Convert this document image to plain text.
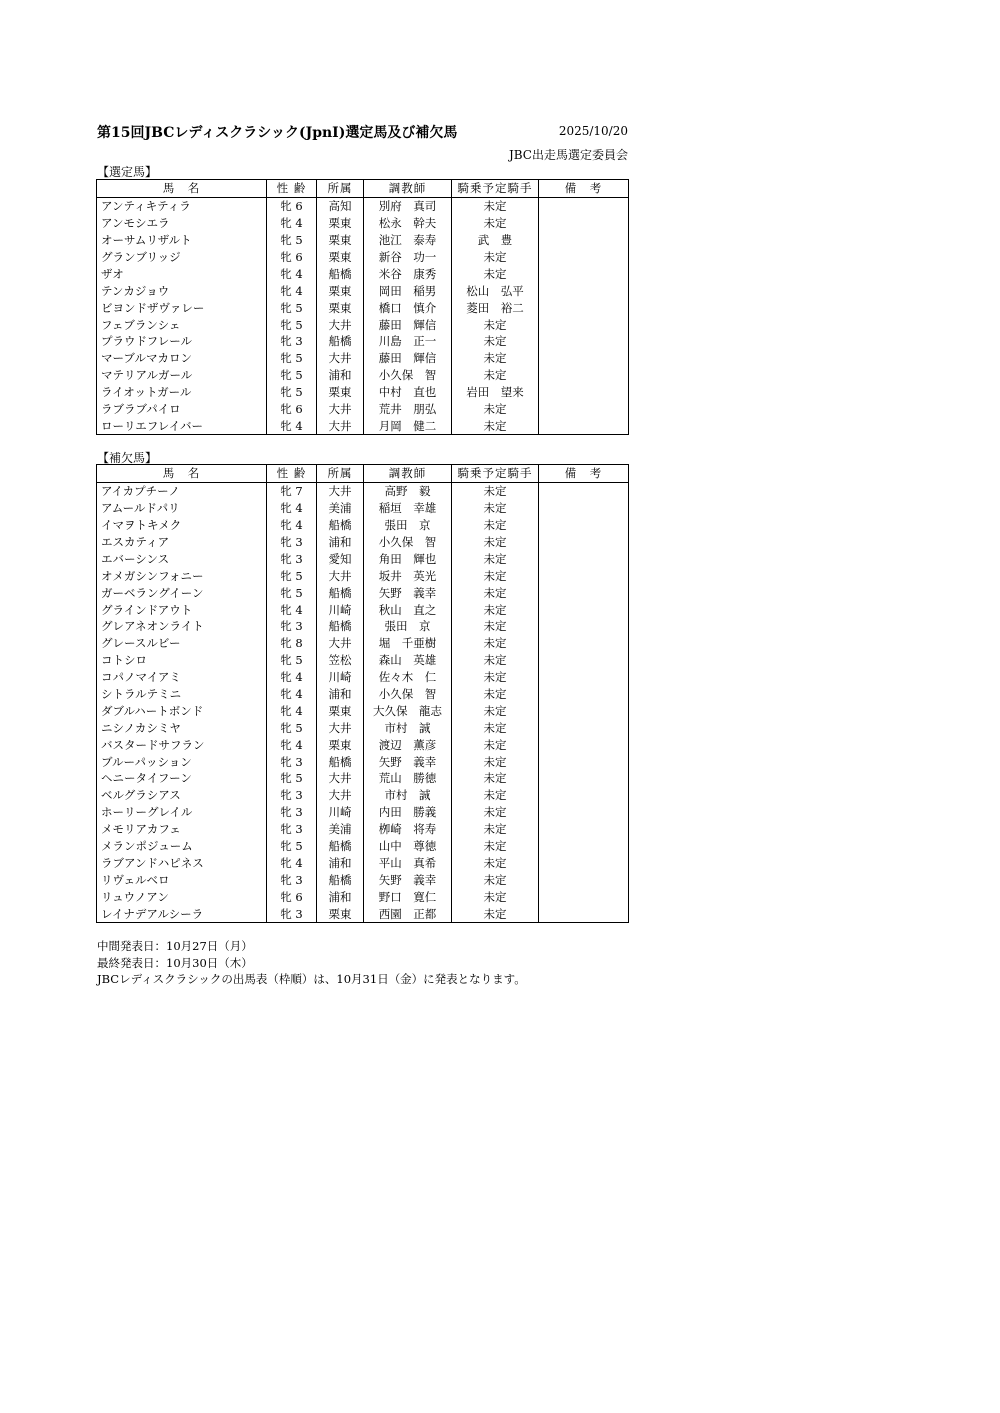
第15回JBCレディスクラシック(JpnⅠ)選定馬及び補欠馬	2025/10/20
JBC出走馬選定委員会
【選定馬】
馬　名	性 齢	所属	調教師	騎乗予定騎手	備　考
アンティキティラ	牝 6	高知	別府　真司	未定	
アンモシエラ	牝 4	栗東	松永　幹夫	未定	
オーサムリザルト	牝 5	栗東	池江　泰寿	武　豊	
グランブリッジ	牝 6	栗東	新谷　功一	未定	
ザオ	牝 4	船橋	米谷　康秀	未定	
テンカジョウ	牝 4	栗東	岡田　稲男	松山　弘平	
ビヨンドザヴァレー	牝 5	栗東	橋口　慎介	菱田　裕二	
フェブランシェ	牝 5	大井	藤田　輝信	未定	
プラウドフレール	牝 3	船橋	川島　正一	未定	
マーブルマカロン	牝 5	大井	藤田　輝信	未定	
マテリアルガール	牝 5	浦和	小久保　智	未定	
ライオットガール	牝 5	栗東	中村　直也	岩田　望来	
ラブラブパイロ	牝 6	大井	荒井　朋弘	未定	
ローリエフレイバー	牝 4	大井	月岡　健二	未定	
【補欠馬】
馬　名	性 齢	所属	調教師	騎乗予定騎手	備　考
アイカプチーノ	牝 7	大井	高野　毅	未定	
アムールドパリ	牝 4	美浦	稲垣　幸雄	未定	
イマヲトキメク	牝 4	船橋	張田　京	未定	
エスカティア	牝 3	浦和	小久保　智	未定	
エバーシンス	牝 3	愛知	角田　輝也	未定	
オメガシンフォニー	牝 5	大井	坂井　英光	未定	
ガーベラングイーン	牝 5	船橋	矢野　義幸	未定	
グラインドアウト	牝 4	川崎	秋山　直之	未定	
グレアネオンライト	牝 3	船橋	張田　京	未定	
グレースルビー	牝 8	大井	堀　千亜樹	未定	
コトシロ	牝 5	笠松	森山　英雄	未定	
コパノマイアミ	牝 4	川崎	佐々木　仁	未定	
シトラルテミニ	牝 4	浦和	小久保　智	未定	
ダブルハートボンド	牝 4	栗東	大久保　龍志	未定	
ニシノカシミヤ	牝 5	大井	市村　誠	未定	
バスタードサフラン	牝 4	栗東	渡辺　薫彦	未定	
ブルーパッション	牝 3	船橋	矢野　義幸	未定	
ヘニータイフーン	牝 5	大井	荒山　勝徳	未定	
ベルグラシアス	牝 3	大井	市村　誠	未定	
ホーリーグレイル	牝 3	川崎	内田　勝義	未定	
メモリアカフェ	牝 3	美浦	栁崎　将寿	未定	
メランポジューム	牝 5	船橋	山中　尊徳	未定	
ラブアンドハピネス	牝 4	浦和	平山　真希	未定	
リヴェルベロ	牝 3	船橋	矢野　義幸	未定	
リュウノアン	牝 6	浦和	野口　寛仁	未定	
レイナデアルシーラ	牝 3	栗東	西園　正都	未定	
中間発表日：10月27日（月）
最終発表日：10月30日（木）
JBCレディスクラシックの出馬表（枠順）は、10月31日（金）に発表となります。
